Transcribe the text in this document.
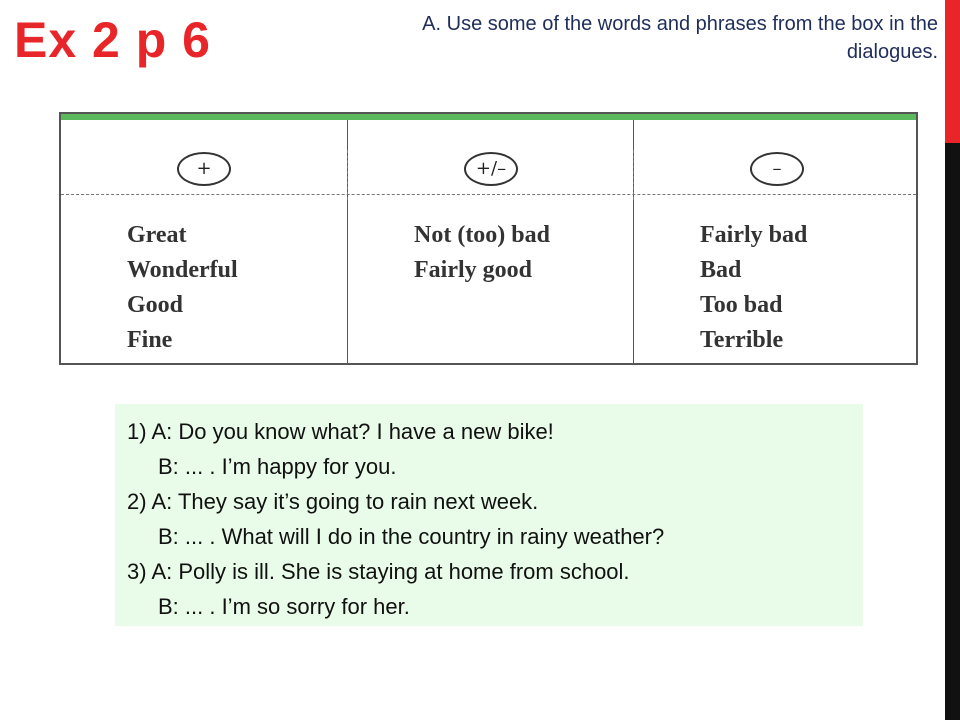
Ex 2 p 6	A. Use some of the words and phrases from the box in the dialogues.
+
Great
Wonderful
Good
Fine
+/–
Not (too) bad
Fairly good
–
Fairly bad
Bad
Too bad
Terrible
1) A: Do you know what? I have a new bike!
B: ... . I’m happy for you.
2) A: They say it’s going to rain next week.
B: ... . What will I do in the country in rainy weather?
3) A: Polly is ill. She is staying at home from school.
B: ... . I’m so sorry for her.
